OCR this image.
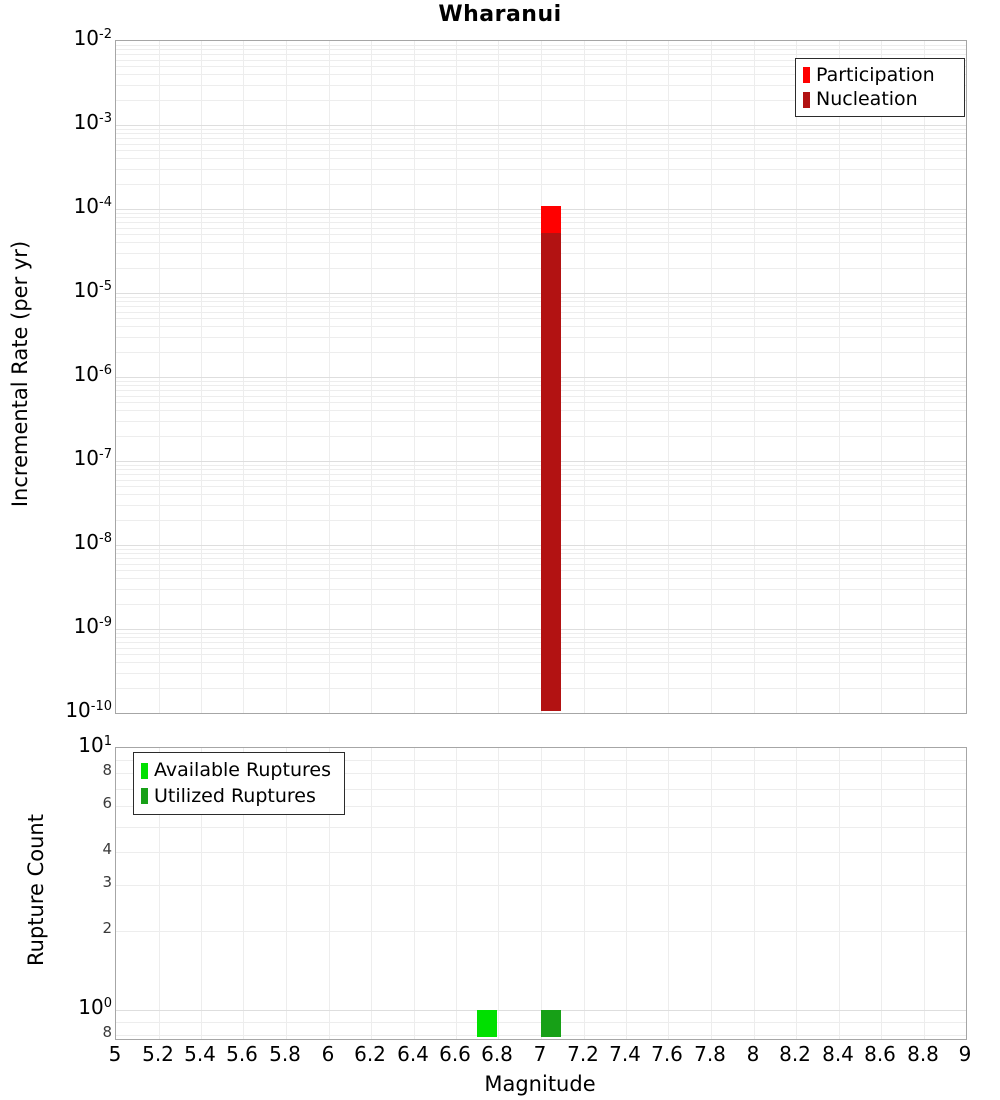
Wharanui
Incremental Rate (per yr)
Rupture Count
Magnitude
Participation
Nucleation
Available Ruptures
Utilized Ruptures
$10^{-2}$
$10^{-3}$
$10^{-4}$
$10^{-5}$
$10^{-6}$
$10^{-7}$
$10^{-8}$
$10^{-9}$
$10^{-10}$
$10^1$
8
6
4
3
2
$10^0$
8
5	5.2 5.4 5.6 5.8	6 6.2 6.4 6.6 6.8	7	7.2 7.4 7.6 7.8	8 8.2 8.4 8.6 8.8 9
